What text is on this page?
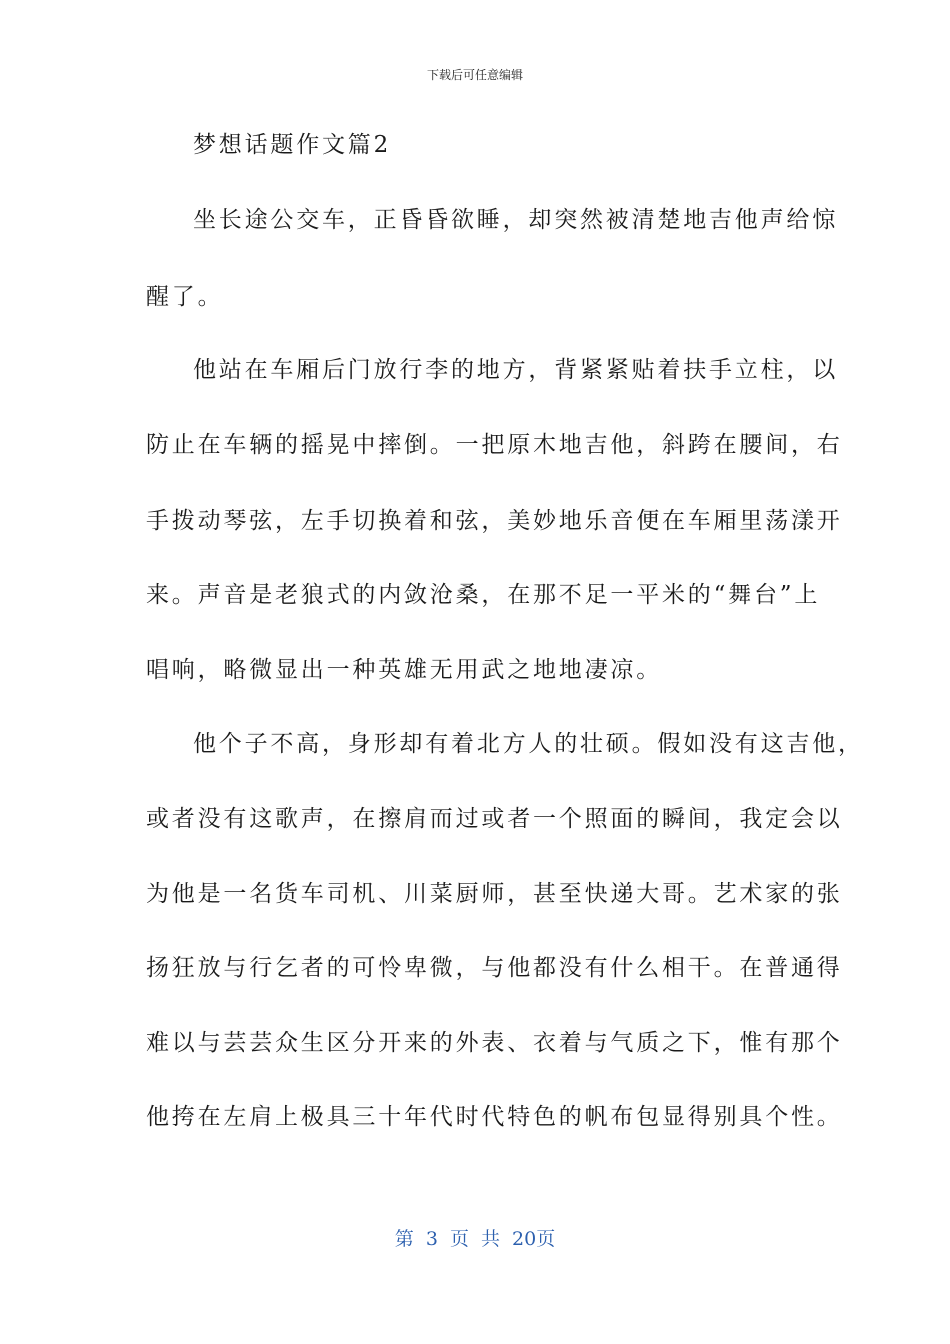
下载后可任意编辑
梦想话题作文篇2
坐长途公交车，正昏昏欲睡，却突然被清楚地吉他声给惊
醒了。
他站在车厢后门放行李的地方，背紧紧贴着扶手立柱，以
防止在车辆的摇晃中摔倒。一把原木地吉他，斜跨在腰间，右
手拨动琴弦，左手切换着和弦，美妙地乐音便在车厢里荡漾开
来。声音是老狼式的内敛沧桑，在那不足一平米的“舞台”上
唱响，略微显出一种英雄无用武之地地凄凉。
他个子不高，身形却有着北方人的壮硕。假如没有这吉他，
或者没有这歌声，在擦肩而过或者一个照面的瞬间，我定会以
为他是一名货车司机、川菜厨师，甚至快递大哥。艺术家的张
扬狂放与行乞者的可怜卑微，与他都没有什么相干。在普通得
难以与芸芸众生区分开来的外表、衣着与气质之下，惟有那个
他挎在左肩上极具三十年代时代特色的帆布包显得别具个性。
第 3 页 共 20页
